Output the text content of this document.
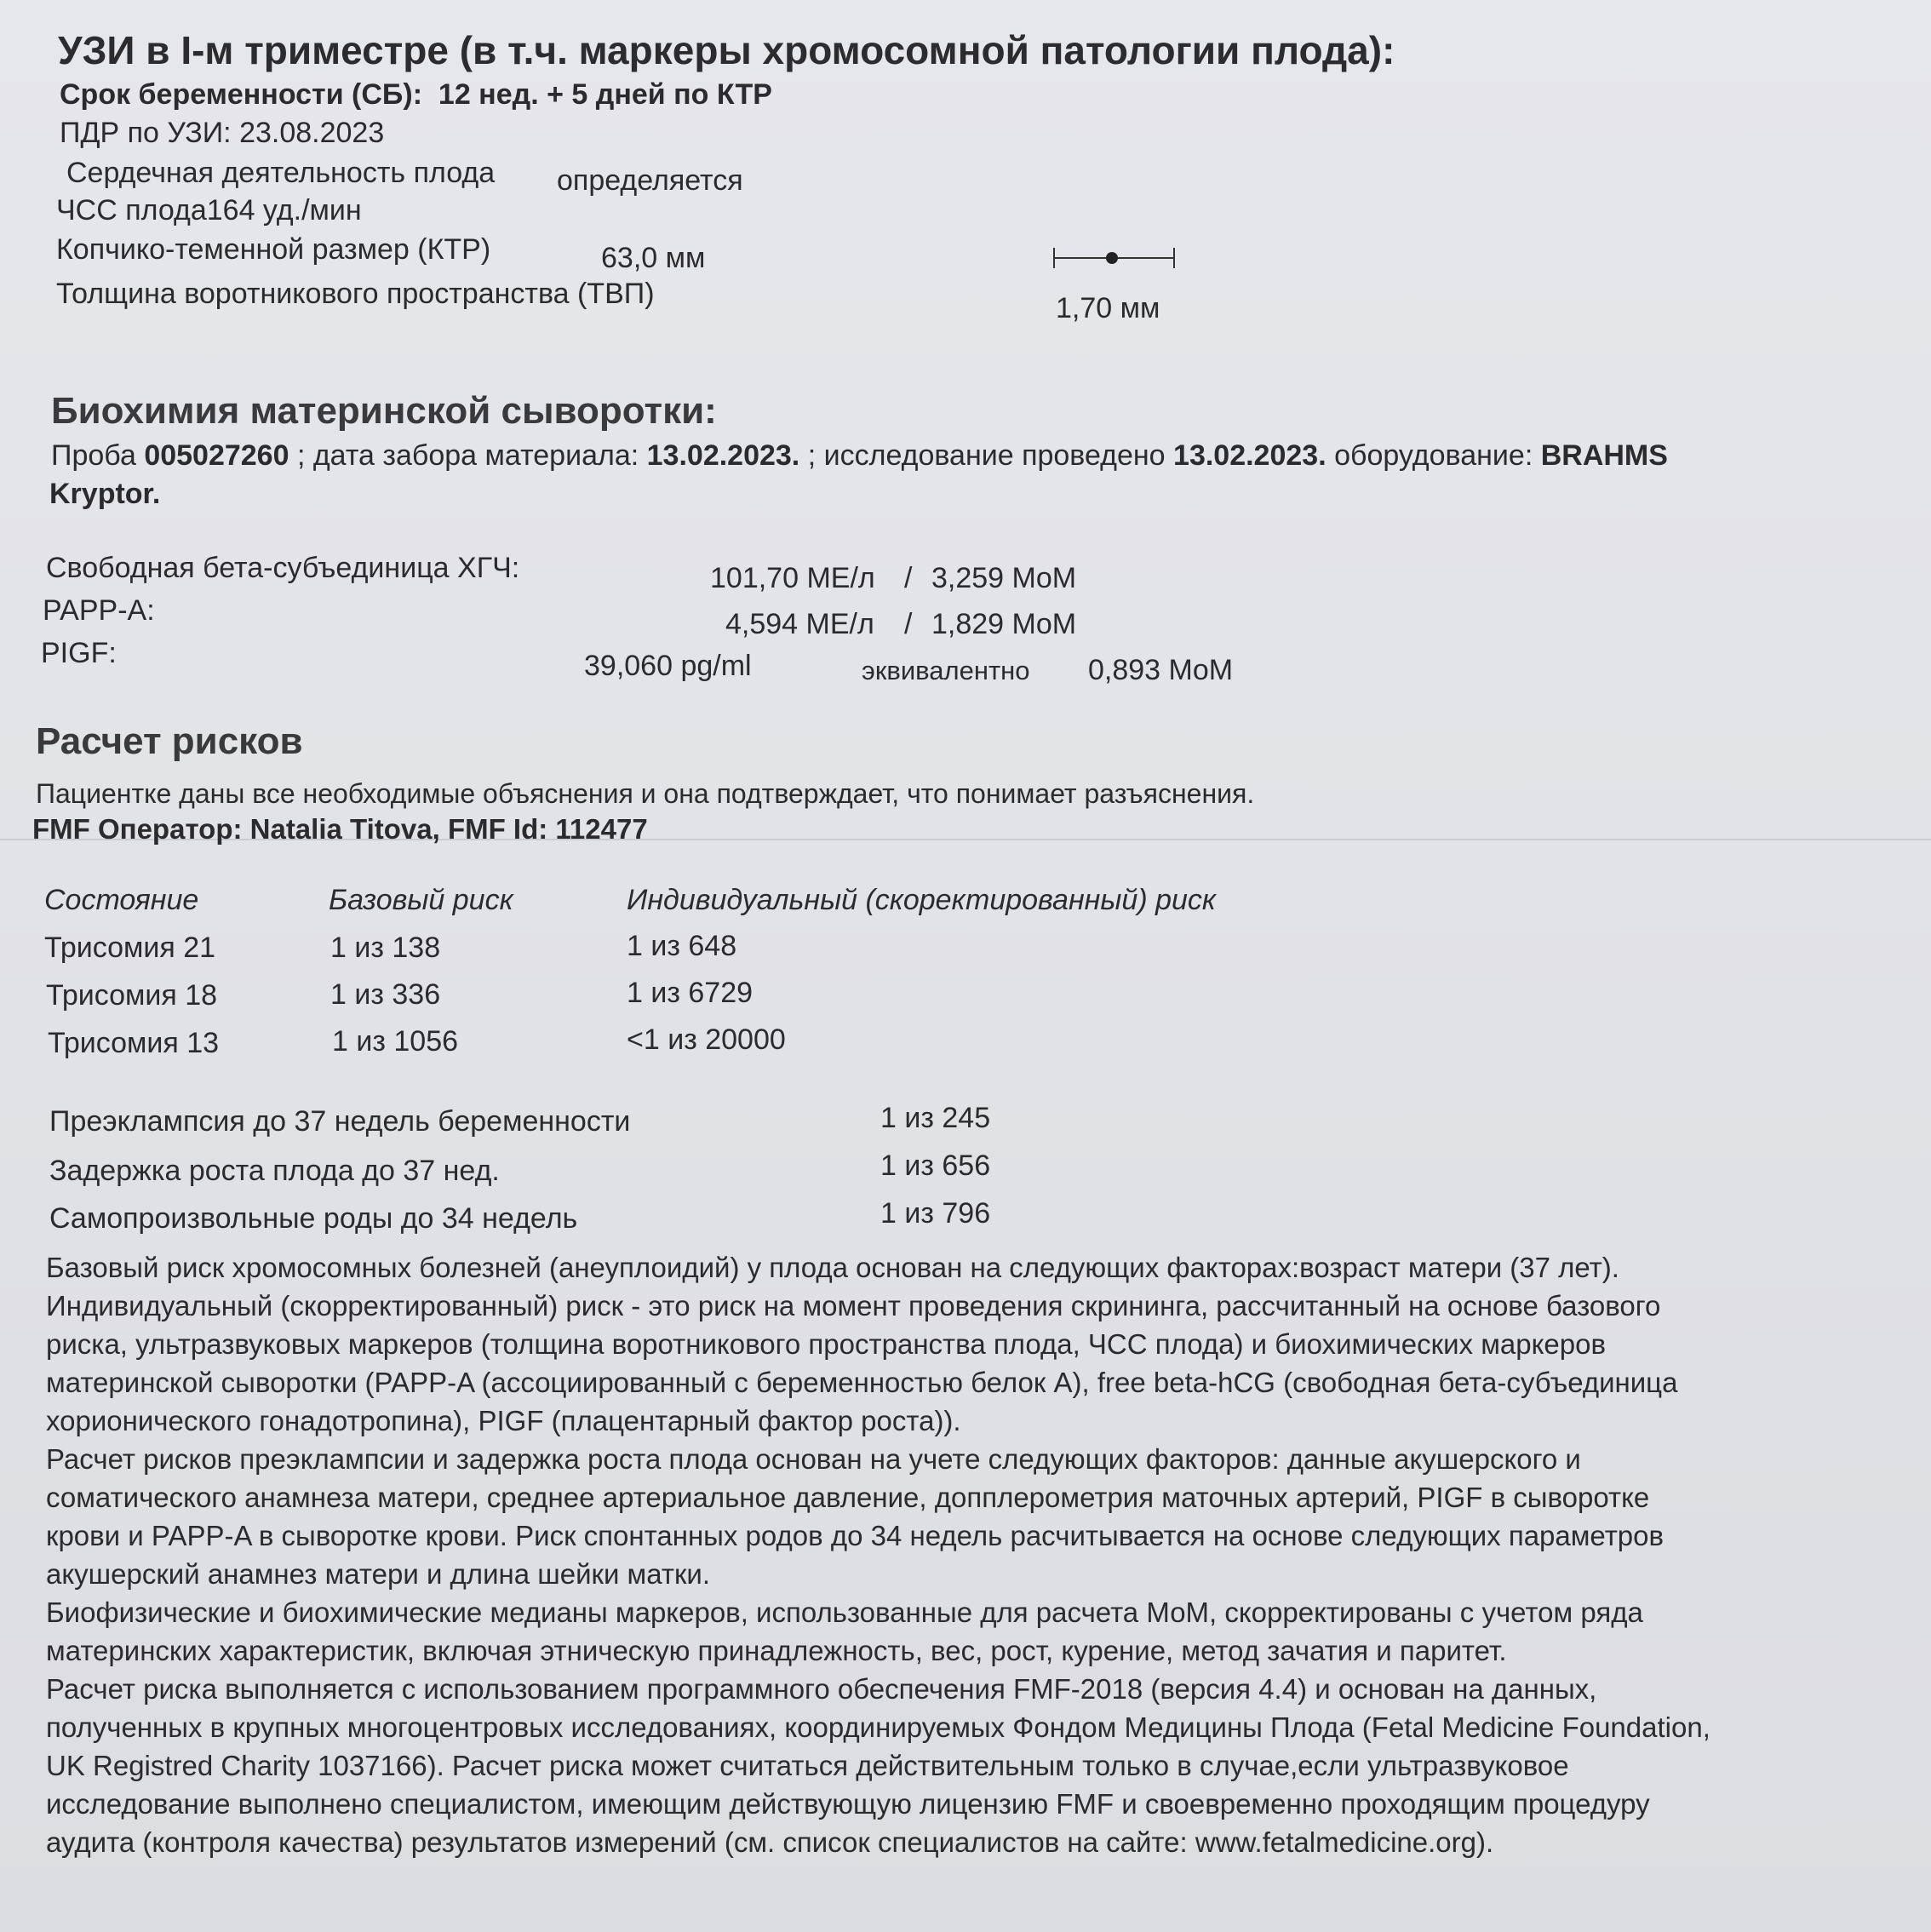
УЗИ в I-м триместре (в т.ч. маркеры хромосомной патологии плода):
Срок беременности (СБ): 12 нед. + 5 дней по КТР
ПДР по УЗИ: 23.08.2023
Сердечная деятельность плода определяется
ЧСС плода164 уд./мин
Копчико-теменной размер (КТР)	63,0 мм
Толщина воротникового пространства (ТВП)	1,70 мм
Биохимия материнской сыворотки:
Проба 005027260 ; дата забора материала: 13.02.2023. ; исследование проведено 13.02.2023. оборудование: BRAHMS
Kryptor.
Свободная бета-субъединица ХГЧ:	101,70 МЕ/л / 3,259 MoM
PAPP-A:	4,594 МЕ/л / 1,829 MoM
PIGF:	39,060 pg/ml	эквивалентно 0,893 MoM
Расчет рисков
Пациентке даны все необходимые объяснения и она подтверждает, что понимает разъяснения.
FMF Оператор: Natalia Titova, FMF Id: 112477
Состояние	Базовый риск	Индивидуальный (скоректированный) риск
Трисомия 21	1 из 138	1 из 648
Трисомия 18	1 из 336	1 из 6729
Трисомия 13	1 из 1056	<1 из 20000
Преэклампсия до 37 недель беременности	1 из 245
Задержка роста плода до 37 нед.	1 из 656
Самопроизвольные роды до 34 недель	1 из 796
Базовый риск хромосомных болезней (анеуплоидий) у плода основан на следующих факторах:возраст матери (37 лет).
Индивидуальный (скорректированный) риск - это риск на момент проведения скрининга, рассчитанный на основе базового
риска, ультразвуковых маркеров (толщина воротникового пространства плода, ЧСС плода) и биохимических маркеров
материнской сыворотки (PAPP-A (ассоциированный с беременностью белок А), free beta-hCG (свободная бета-субъединица
хорионического гонадотропина), PIGF (плацентарный фактор роста)).
Расчет рисков преэклампсии и задержка роста плода основан на учете следующих факторов: данные акушерского и
соматического анамнеза матери, среднее артериальное давление, допплерометрия маточных артерий, PIGF в сыворотке
крови и PAPP-A в сыворотке крови. Риск спонтанных родов до 34 недель расчитывается на основе следующих параметров
акушерский анамнез матери и длина шейки матки.
Биофизические и биохимические медианы маркеров, использованные для расчета МоМ, скорректированы с учетом ряда
материнских характеристик, включая этническую принадлежность, вес, рост, курение, метод зачатия и паритет.
Расчет риска выполняется с использованием программного обеспечения FMF-2018 (версия 4.4) и основан на данных,
полученных в крупных многоцентровых исследованиях, координируемых Фондом Медицины Плода (Fetal Medicine Foundation,
UK Registred Charity 1037166). Расчет риска может считаться действительным только в случае,если ультразвуковое
исследование выполнено специалистом, имеющим действующую лицензию FMF и своевременно проходящим процедуру
аудита (контроля качества) результатов измерений (см. список специалистов на сайте: www.fetalmedicine.org).
